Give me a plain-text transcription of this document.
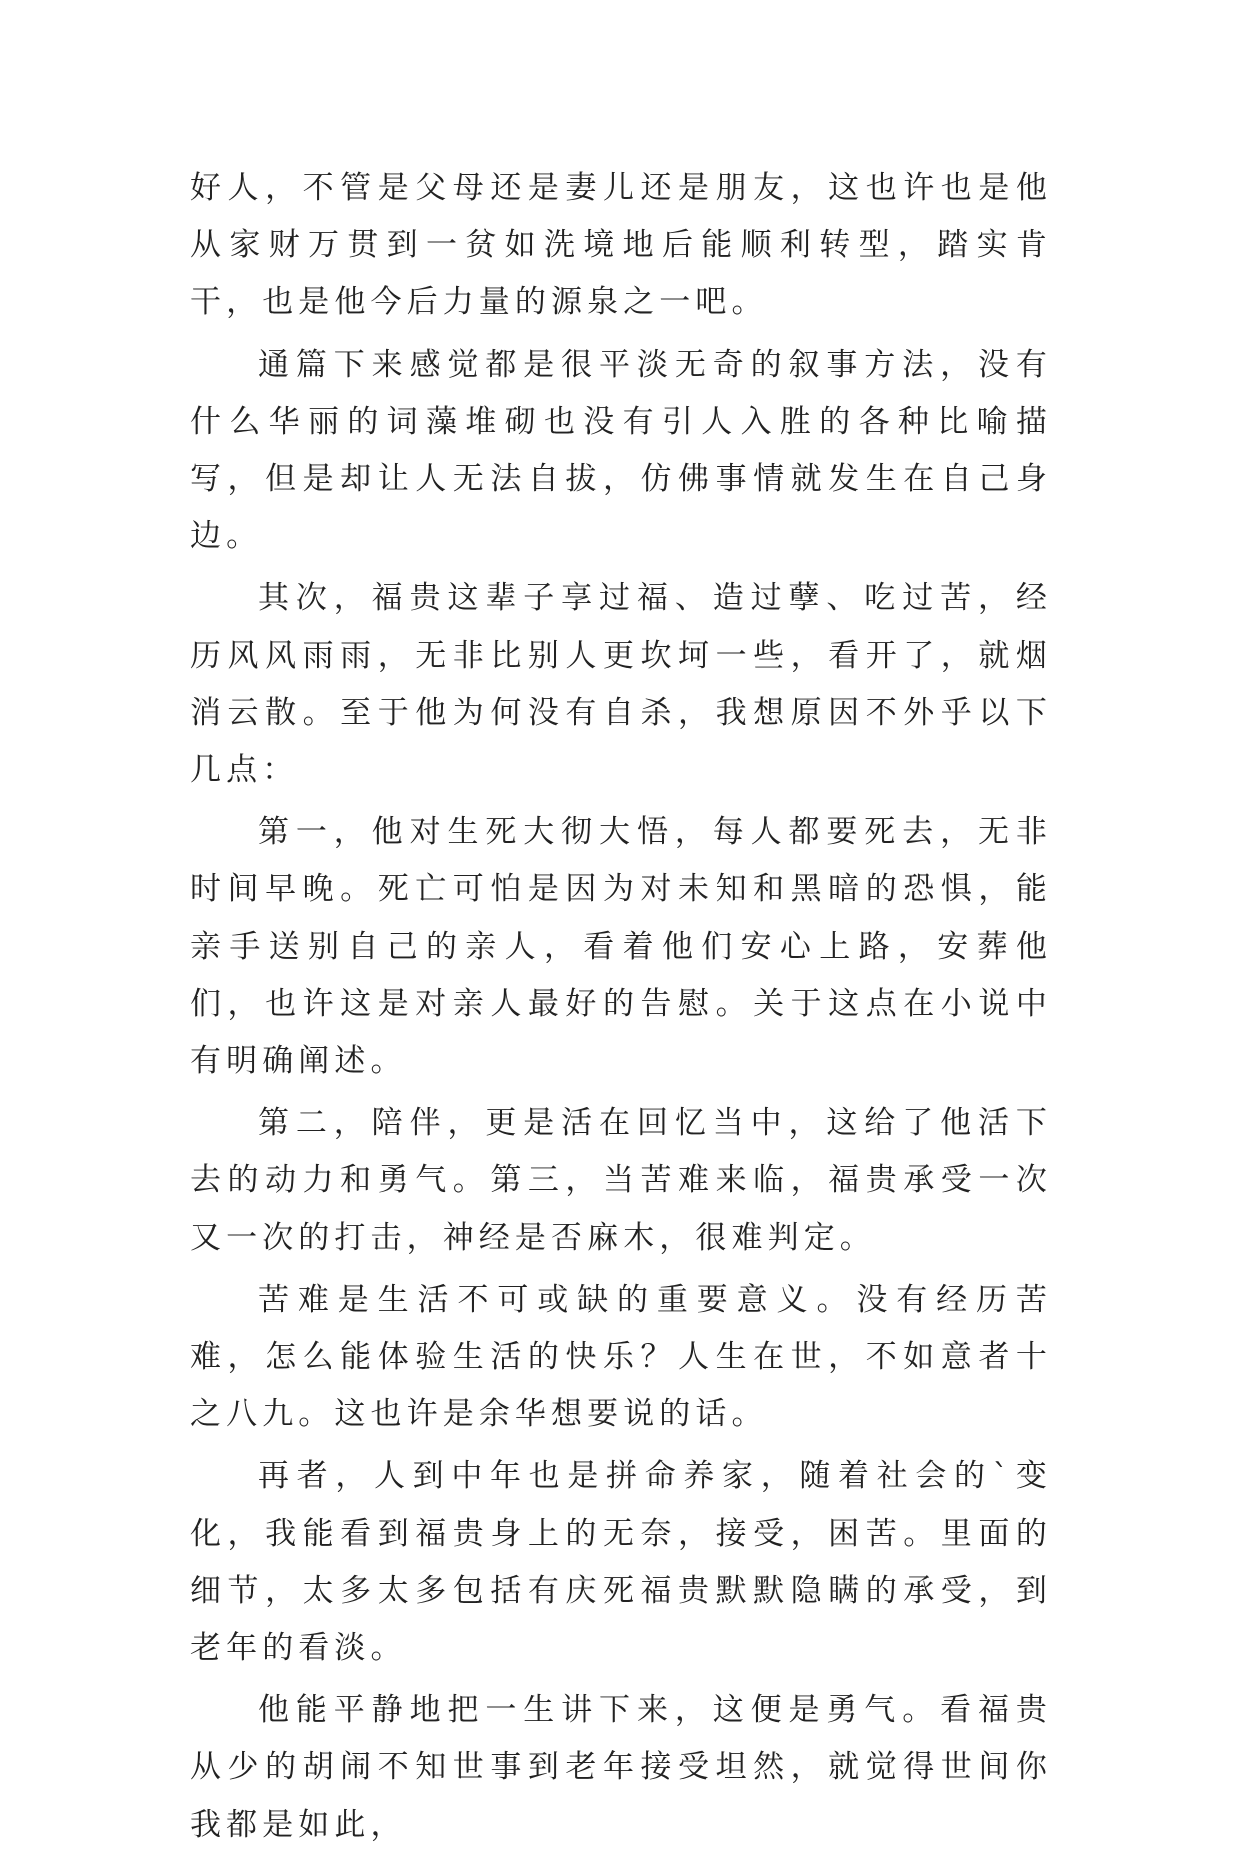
好人，不管是父母还是妻儿还是朋友，这也许也是他从家财万贯到一贫如洗境地后能顺利转型，踏实肯干，也是他今后力量的源泉之一吧。

通篇下来感觉都是很平淡无奇的叙事方法，没有什么华丽的词藻堆砌也没有引人入胜的各种比喻描写，但是却让人无法自拔，仿佛事情就发生在自己身边。

其次，福贵这辈子享过福、造过孽、吃过苦，经历风风雨雨，无非比别人更坎坷一些，看开了，就烟消云散。至于他为何没有自杀，我想原因不外乎以下几点：

第一，他对生死大彻大悟，每人都要死去，无非时间早晚。死亡可怕是因为对未知和黑暗的恐惧，能亲手送别自己的亲人，看着他们安心上路，安葬他们，也许这是对亲人最好的告慰。关于这点在小说中有明确阐述。

第二，陪伴，更是活在回忆当中，这给了他活下去的动力和勇气。第三，当苦难来临，福贵承受一次又一次的打击，神经是否麻木，很难判定。

苦难是生活不可或缺的重要意义。没有经历苦难，怎么能体验生活的快乐？人生在世，不如意者十之八九。这也许是余华想要说的话。

再者，人到中年也是拼命养家，随着社会的`变化，我能看到福贵身上的无奈，接受，困苦。里面的细节，太多太多包括有庆死福贵默默隐瞒的承受，到老年的看淡。

他能平静地把一生讲下来，这便是勇气。看福贵从少的胡闹不知世事到老年接受坦然，就觉得世间你我都是如此，
